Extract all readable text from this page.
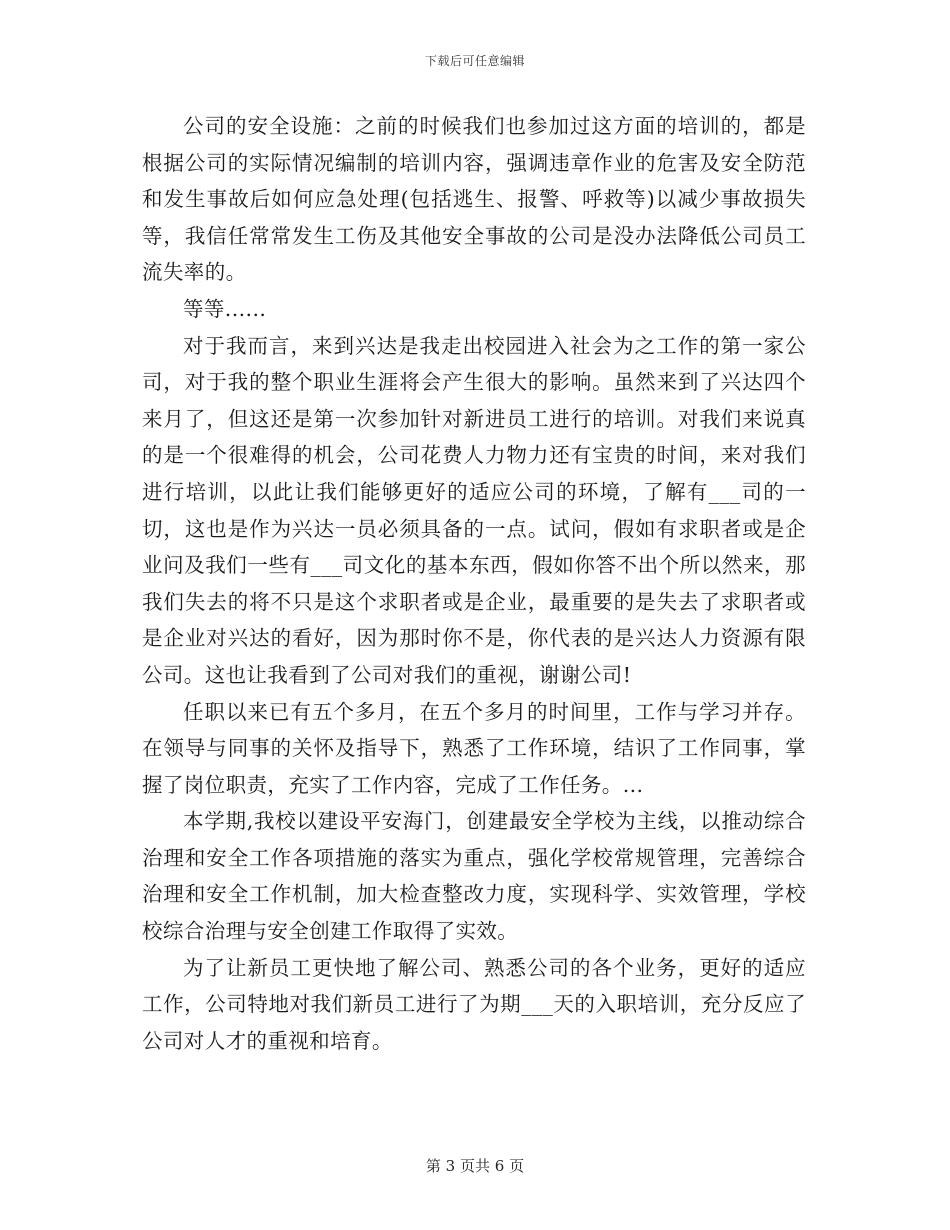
下载后可任意编辑

公司的安全设施：之前的时候我们也参加过这方面的培训的，都是根据公司的实际情况编制的培训内容，强调违章作业的危害及安全防范和发生事故后如何应急处理(包括逃生、报警、呼救等)以减少事故损失等，我信任常常发生工伤及其他安全事故的公司是没办法降低公司员工流失率的。

等等......

对于我而言，来到兴达是我走出校园进入社会为之工作的第一家公司，对于我的整个职业生涯将会产生很大的影响。虽然来到了兴达四个来月了，但这还是第一次参加针对新进员工进行的培训。对我们来说真的是一个很难得的机会，公司花费人力物力还有宝贵的时间，来对我们进行培训，以此让我们能够更好的适应公司的环境，了解有___司的一切，这也是作为兴达一员必须具备的一点。试问，假如有求职者或是企业问及我们一些有___司文化的基本东西，假如你答不出个所以然来，那我们失去的将不只是这个求职者或是企业，最重要的是失去了求职者或是企业对兴达的看好，因为那时你不是，你代表的是兴达人力资源有限公司。这也让我看到了公司对我们的重视，谢谢公司!

任职以来已有五个多月，在五个多月的时间里，工作与学习并存。在领导与同事的关怀及指导下，熟悉了工作环境，结识了工作同事，掌握了岗位职责，充实了工作内容，完成了工作任务。...

本学期,我校以建设平安海门，创建最安全学校为主线，以推动综合治理和安全工作各项措施的落实为重点，强化学校常规管理，完善综合治理和安全工作机制，加大检查整改力度，实现科学、实效管理，学校校综合治理与安全创建工作取得了实效。

为了让新员工更快地了解公司、熟悉公司的各个业务，更好的适应工作，公司特地对我们新员工进行了为期___天的入职培训，充分反应了公司对人才的重视和培育。

第 3 页共 6 页
